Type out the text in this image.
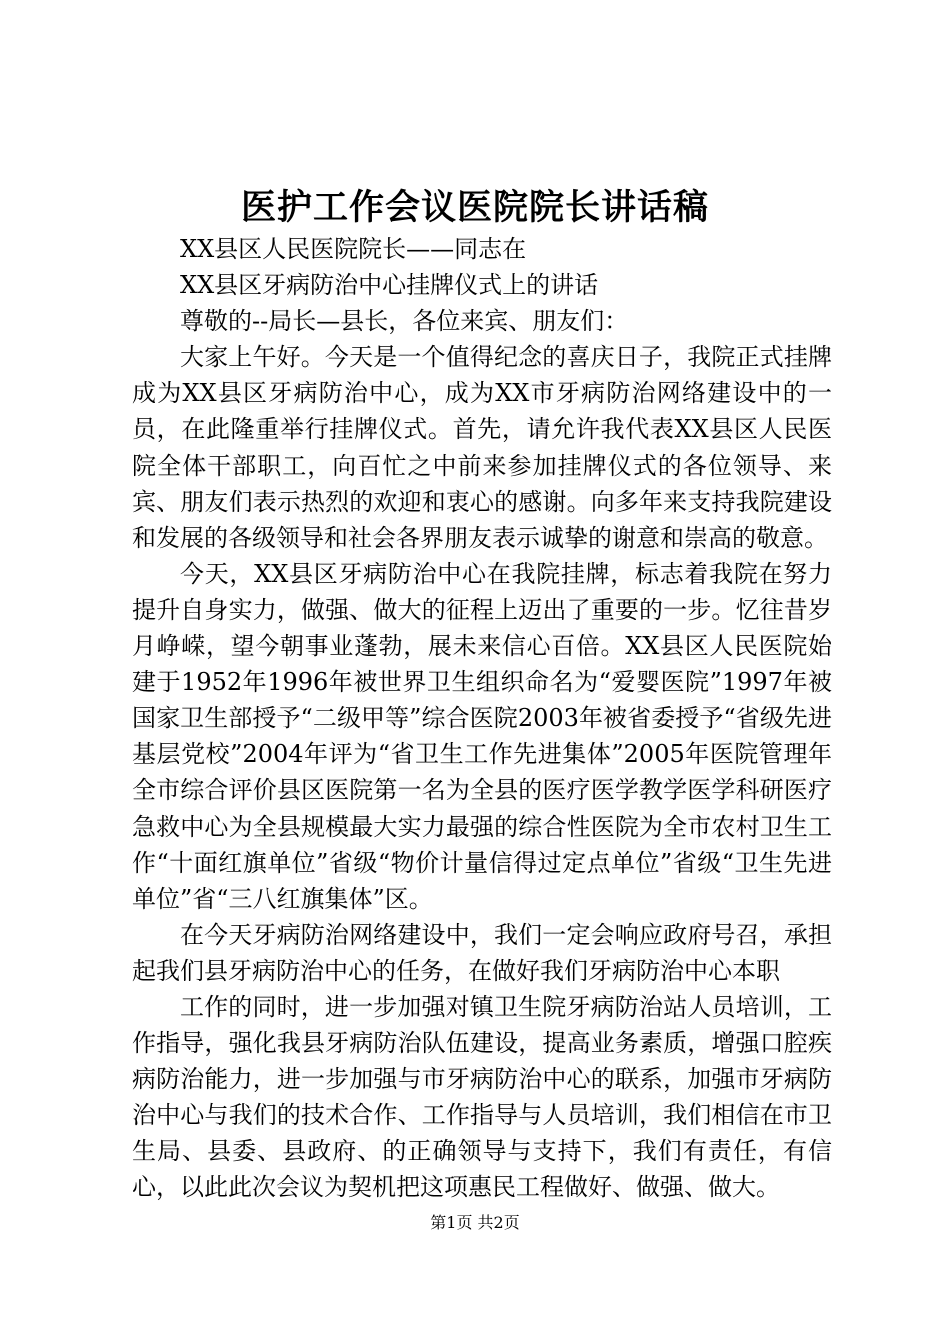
医护工作会议医院院长讲话稿

XX县区人民医院院长——同志在

XX县区牙病防治中心挂牌仪式上的讲话

尊敬的--局长—县长，各位来宾、朋友们：

大家上午好。今天是一个值得纪念的喜庆日子，我院正式挂牌成为XX县区牙病防治中心，成为XX市牙病防治网络建设中的一员，在此隆重举行挂牌仪式。首先，请允许我代表XX县区人民医院全体干部职工，向百忙之中前来参加挂牌仪式的各位领导、来宾、朋友们表示热烈的欢迎和衷心的感谢。向多年来支持我院建设和发展的各级领导和社会各界朋友表示诚挚的谢意和崇高的敬意。

今天，XX县区牙病防治中心在我院挂牌，标志着我院在努力提升自身实力，做强、做大的征程上迈出了重要的一步。忆往昔岁月峥嵘，望今朝事业蓬勃，展未来信心百倍。XX县区人民医院始建于1952年1996年被世界卫生组织命名为“爱婴医院”1997年被国家卫生部授予“二级甲等”综合医院2003年被省委授予“省级先进基层党校”2004年评为“省卫生工作先进集体”2005年医院管理年全市综合评价县区医院第一名为全县的医疗医学教学医学科研医疗急救中心为全县规模最大实力最强的综合性医院为全市农村卫生工作“十面红旗单位”省级“物价计量信得过定点单位”省级“卫生先进单位”省“三八红旗集体”区。

在今天牙病防治网络建设中，我们一定会响应政府号召，承担起我们县牙病防治中心的任务，在做好我们牙病防治中心本职

工作的同时，进一步加强对镇卫生院牙病防治站人员培训，工作指导，强化我县牙病防治队伍建设，提高业务素质，增强口腔疾病防治能力，进一步加强与市牙病防治中心的联系，加强市牙病防治中心与我们的技术合作、工作指导与人员培训，我们相信在市卫生局、县委、县政府、的正确领导与支持下，我们有责任，有信心，以此此次会议为契机把这项惠民工程做好、做强、做大。

第1页 共2页
